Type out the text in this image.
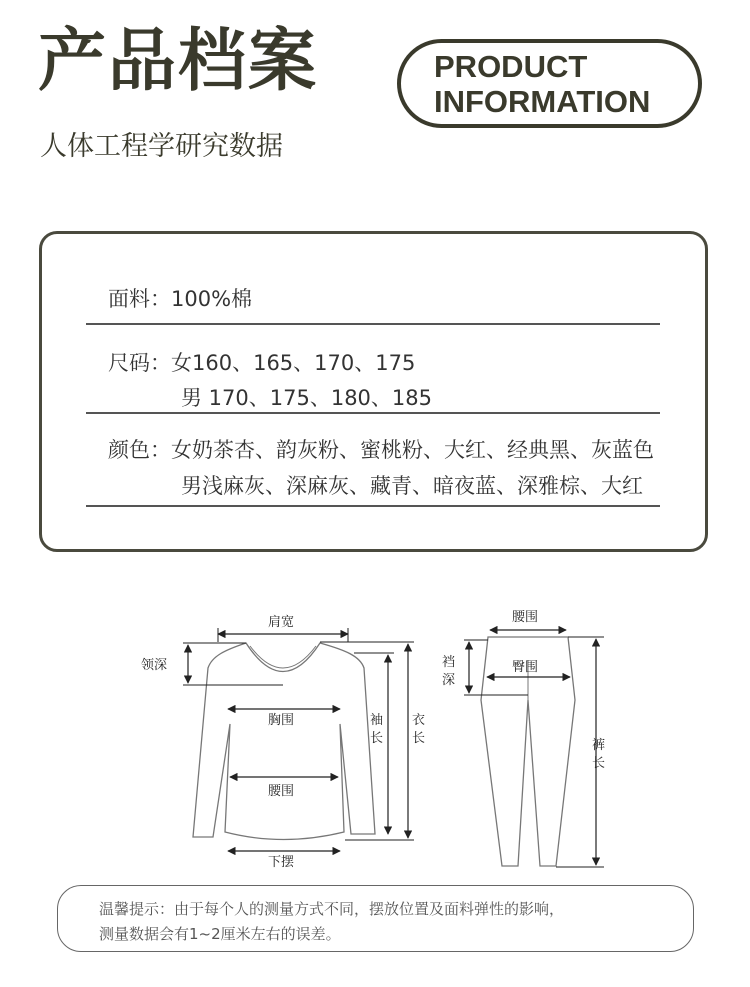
产品档案
人体工程学研究数据
PRODUCT
INFORMATION
面料：100%棉
尺码：女160、165、170、175
男 170、175、180、185
颜色：女奶茶杏、韵灰粉、蜜桃粉、大红、经典黑、灰蓝色
男浅麻灰、深麻灰、藏青、暗夜蓝、深雅棕、大红
肩宽
领深
胸围
腰围
下摆
袖
长
衣
长
腰围
裆
深
臀围
裤
长
温馨提示：由于每个人的测量方式不同，摆放位置及面料弹性的影响，
测量数据会有1~2厘米左右的误差。
